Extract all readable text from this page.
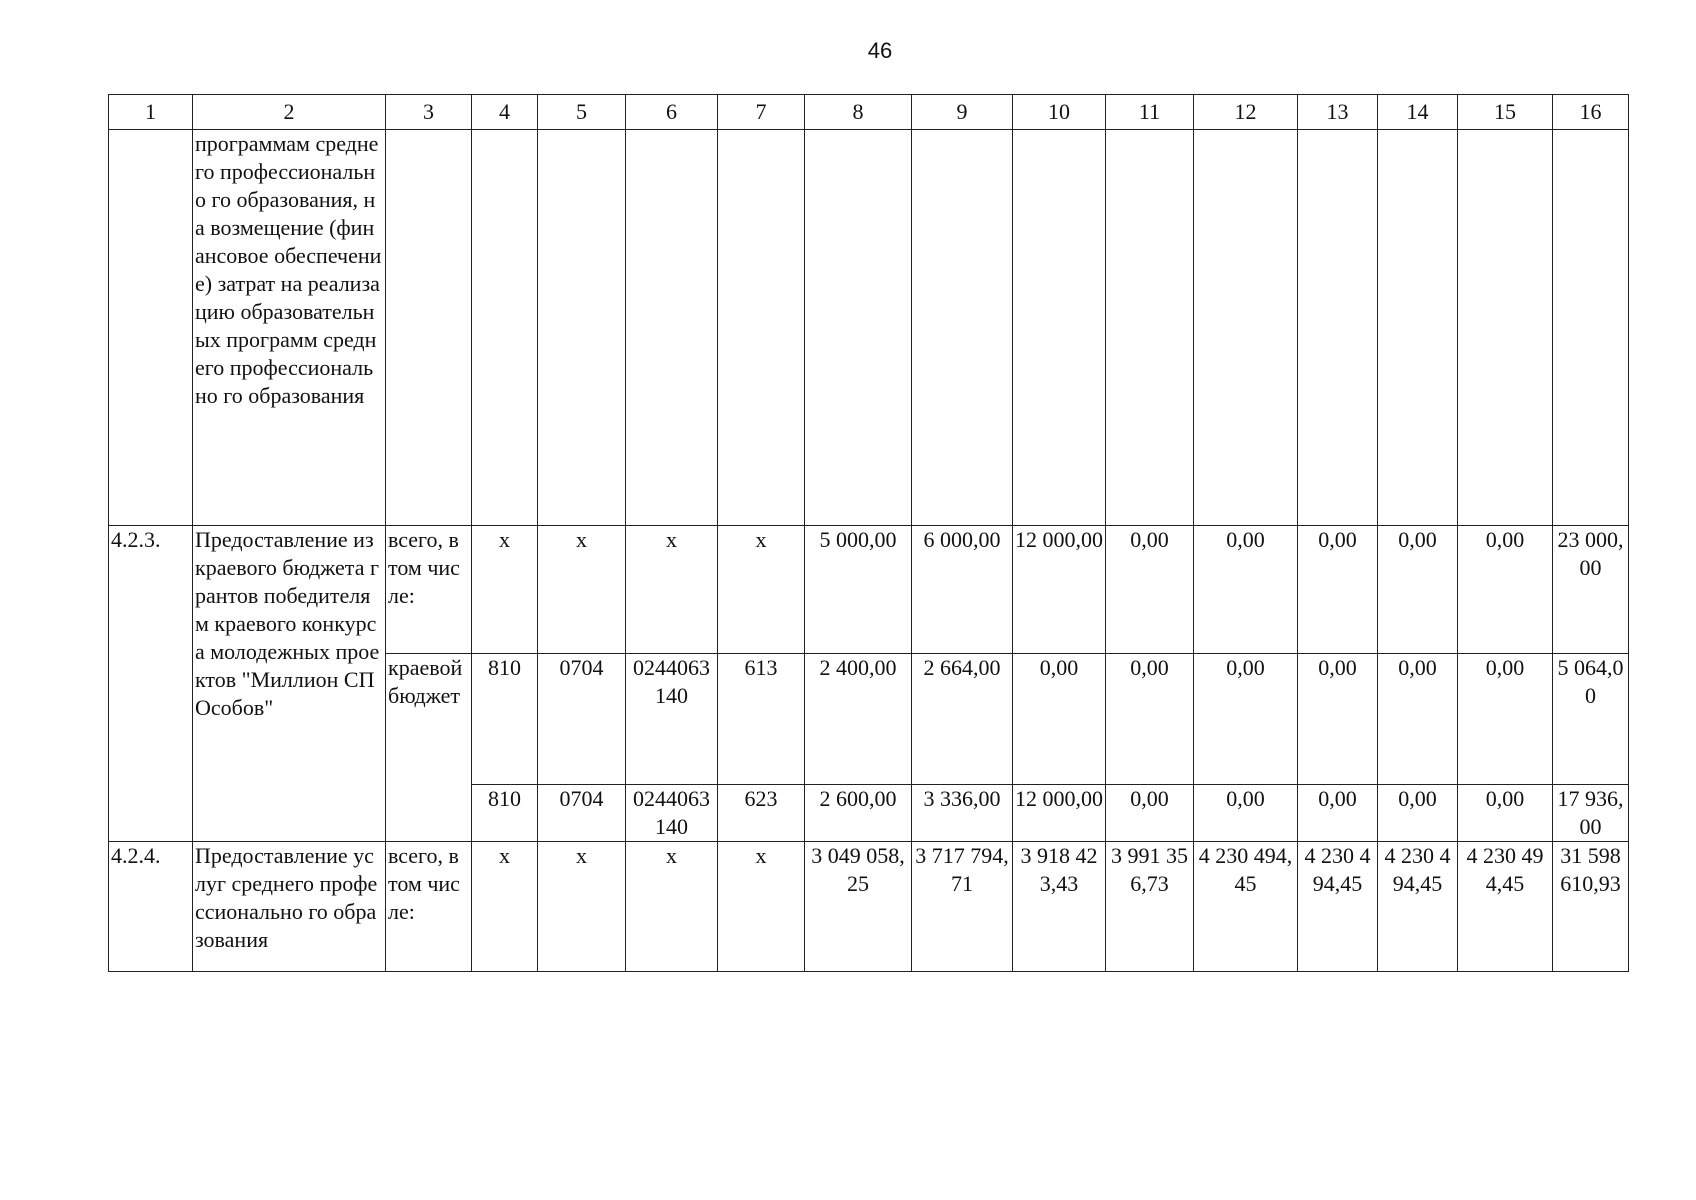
46
1	2	3	4	5	6	7	8	9	10	11	12	13	14	15	16
	программам среднего профессионально го образования, на возмещение (финансовое обеспечение) затрат на реализацию образовательных программ среднего профессионально го образования														
4.2.3.	Предоставление из краевого бюджета грантов победителям краевого конкурса молодежных проектов "Миллион СПОсобов"	всего, в том числе:	х	х	х	х	5 000,00	6 000,00	12 000,00	0,00	0,00	0,00	0,00	0,00	23 000,00
		краевой бюджет	810	0704	0244063140	613	2 400,00	2 664,00	0,00	0,00	0,00	0,00	0,00	0,00	5 064,00
			810	0704	0244063140	623	2 600,00	3 336,00	12 000,00	0,00	0,00	0,00	0,00	0,00	17 936,00
4.2.4.	Предоставление услуг среднего профессионально го образования	всего, в том числе:	х	х	х	х	3 049 058,25	3 717 794,71	3 918 423,43	3 991 356,73	4 230 494,45	4 230 494,45	4 230 494,45	4 230 494,45	31 598 610,93
